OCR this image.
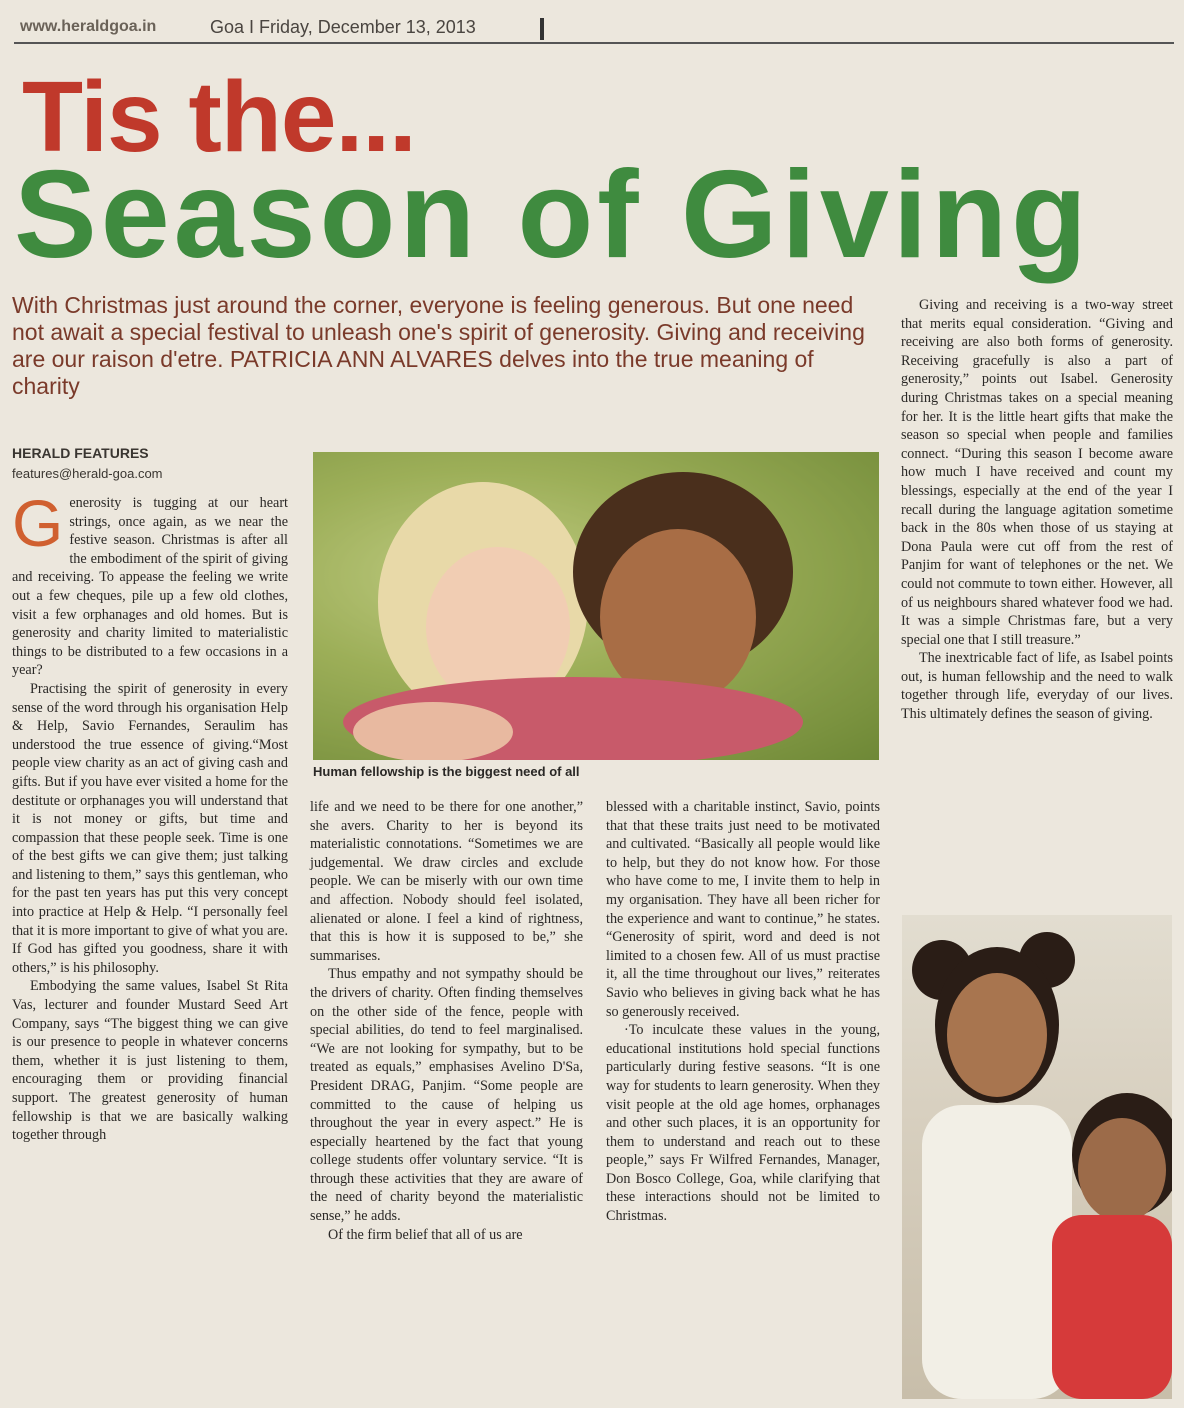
www.heraldgoa.in	Goa I Friday, December 13, 2013
Tis the...
Season of Giving

With Christmas just around the corner, everyone is feeling generous. But one need not await a special festival to unleash one's spirit of generosity. Giving and receiving are our raison d'etre. PATRICIA ANN ALVARES delves into the true meaning of charity

HERALD FEATURES
features@herald-goa.com
Human fellowship is the biggest need of all

Generosity is tugging at our heart strings, once again, as we near the festive season. Christmas is after all the embodiment of the spirit of giving and receiving. To appease the feeling we write out a few cheques, pile up a few old clothes, visit a few orphanages and old homes. But is generosity and charity limited to materialistic things to be distributed to a few occasions in a year?

Practising the spirit of generosity in every sense of the word through his organisation Help & Help, Savio Fernandes, Seraulim has understood the true essence of giving.“Most people view charity as an act of giving cash and gifts. But if you have ever visited a home for the destitute or orphanages you will understand that it is not money or gifts, but time and compassion that these people seek. Time is one of the best gifts we can give them; just talking and listening to them,” says this gentleman, who for the past ten years has put this very concept into practice at Help & Help. “I personally feel that it is more important to give of what you are. If God has gifted you goodness, share it with others,” is his philosophy.

Embodying the same values, Isabel St Rita Vas, lecturer and founder Mustard Seed Art Company, says “The biggest thing we can give is our presence to people in whatever concerns them, whether it is just listening to them, encouraging them or providing financial support. The greatest generosity of human fellowship is that we are basically walking together through

life and we need to be there for one another,” she avers. Charity to her is beyond its materialistic connotations. “Sometimes we are judgemental. We draw circles and exclude people. We can be miserly with our own time and affection. Nobody should feel isolated, alienated or alone. I feel a kind of rightness, that this is how it is supposed to be,” she summarises.

Thus empathy and not sympathy should be the drivers of charity. Often finding themselves on the other side of the fence, people with special abilities, do tend to feel marginalised. “We are not looking for sympathy, but to be treated as equals,” emphasises Avelino D'Sa, President DRAG, Panjim. “Some people are committed to the cause of helping us throughout the year in every aspect.” He is especially heartened by the fact that young college students offer voluntary service. “It is through these activities that they are aware of the need of charity beyond the materialistic sense,” he adds.

Of the firm belief that all of us are

blessed with a charitable instinct, Savio, points that that these traits just need to be motivated and cultivated. “Basically all people would like to help, but they do not know how. For those who have come to me, I invite them to help in my organisation. They have all been richer for the experience and want to continue,” he states. “Generosity of spirit, word and deed is not limited to a chosen few. All of us must practise it, all the time throughout our lives,” reiterates Savio who believes in giving back what he has so generously received.

·To inculcate these values in the young, educational institutions hold special functions particularly during festive seasons. “It is one way for students to learn generosity. When they visit people at the old age homes, orphanages and other such places, it is an opportunity for them to understand and reach out to these people,” says Fr Wilfred Fernandes, Manager, Don Bosco College, Goa, while clarifying that these interactions should not be limited to Christmas.

Giving and receiving is a two-way street that merits equal consideration. “Giving and receiving are also both forms of generosity. Receiving gracefully is also a part of generosity,” points out Isabel. Generosity during Christmas takes on a special meaning for her. It is the little heart gifts that make the season so special when people and families connect. “During this season I become aware how much I have received and count my blessings, especially at the end of the year I recall during the language agitation sometime back in the 80s when those of us staying at Dona Paula were cut off from the rest of Panjim for want of telephones or the net. We could not commute to town either. However, all of us neighbours shared whatever food we had. It was a simple Christmas fare, but a very special one that I still treasure.”

The inextricable fact of life, as Isabel points out, is human fellowship and the need to walk together through life, everyday of our lives. This ultimately defines the season of giving.
